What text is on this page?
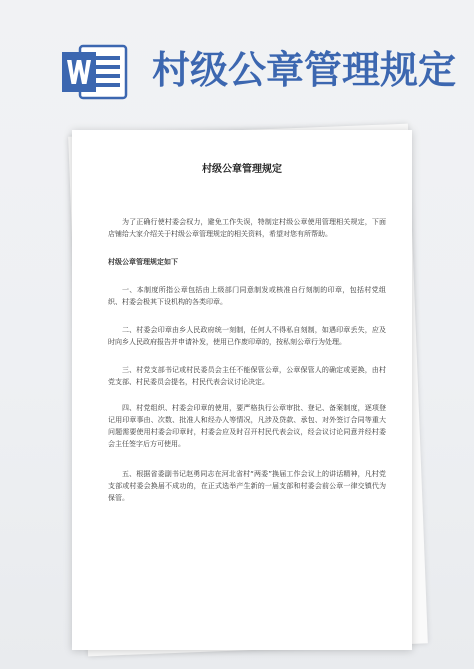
村级公章管理规定
村级公章管理规定
为了正确行使村委会权力，避免工作失误，特制定村级公章使用管理相关规定，下面店铺给大家介绍关于村级公章管理规定的相关资料，希望对您有所帮助。
村级公章管理规定如下
一、本制度所指公章包括由上级部门同意制发或核准自行刻制的印章，包括村党组织、村委会极其下设机构的各类印章。
二、村委会印章由乡人民政府统一刻制，任何人不得私自刻制，如遇印章丢失，应及时向乡人民政府报告并申请补发，使用已作废印章的，按私刻公章行为处理。
三、村党支部书记或村民委员会主任不能保管公章，公章保管人的确定或更换，由村党支部、村民委员会提名，村民代表会议讨论决定。
四、村党组织、村委会印章的使用，要严格执行公章审批、登记、备案制度，逐项登记用印章事由、次数、批准人和经办人等情况，凡涉及贷款、承包、对外签订合同等重大问题需要使用村委会印章时，村委会应及时召开村民代表会议，经会议讨论同意并经村委会主任签字后方可使用。
五、根据省委副书记赵勇同志在河北省村“两委”换届工作会议上的讲话精神，凡村党支部或村委会换届不成功的，在正式选举产生新的一届支部和村委会前公章一律交镇代为保管。
